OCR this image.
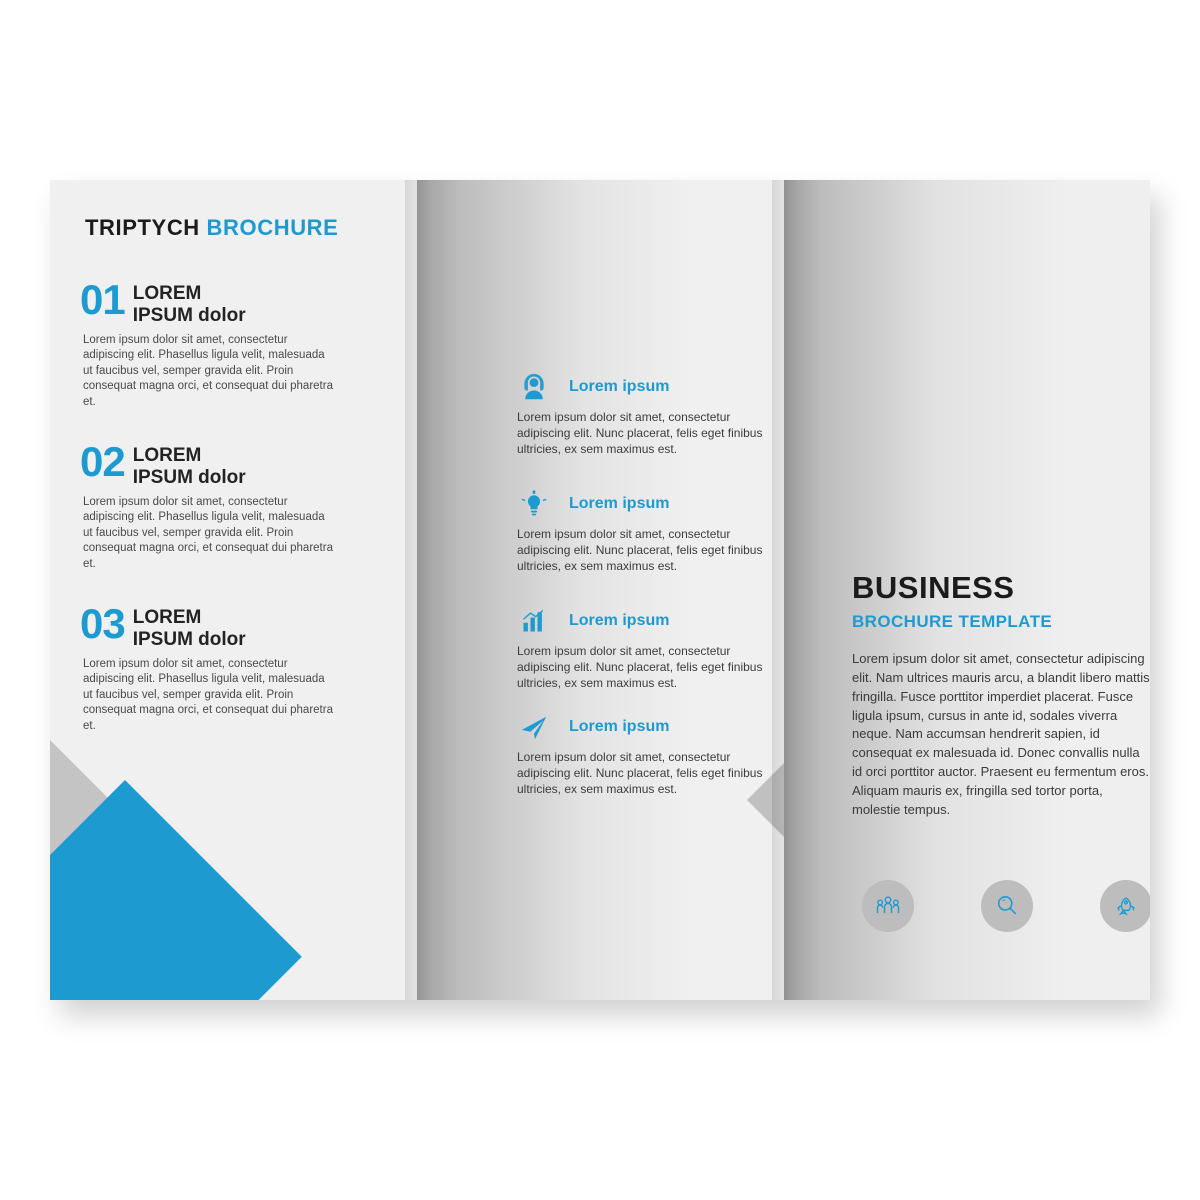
TRIPTYCH BROCHURE
01 LOREM
IPSUM dolor
Lorem ipsum dolor sit amet, consectetur adipiscing elit. Phasellus ligula velit, malesuada ut faucibus vel, semper gravida elit. Proin consequat magna orci, et consequat dui pharetra et.
02 LOREM
IPSUM dolor
Lorem ipsum dolor sit amet, consectetur adipiscing elit. Phasellus ligula velit, malesuada ut faucibus vel, semper gravida elit. Proin consequat magna orci, et consequat dui pharetra et.
03 LOREM
IPSUM dolor
Lorem ipsum dolor sit amet, consectetur adipiscing elit. Phasellus ligula velit, malesuada ut faucibus vel, semper gravida elit. Proin consequat magna orci, et consequat dui pharetra et.
Lorem ipsum
Lorem ipsum dolor sit amet, consectetur adipiscing elit. Nunc placerat, felis eget finibus ultricies, ex sem maximus est.
Lorem ipsum
Lorem ipsum dolor sit amet, consectetur adipiscing elit. Nunc placerat, felis eget finibus ultricies, ex sem maximus est.
Lorem ipsum
Lorem ipsum dolor sit amet, consectetur adipiscing elit. Nunc placerat, felis eget finibus ultricies, ex sem maximus est.
Lorem ipsum
Lorem ipsum dolor sit amet, consectetur adipiscing elit. Nunc placerat, felis eget finibus ultricies, ex sem maximus est.
BUSINESS
BROCHURE TEMPLATE
Lorem ipsum dolor sit amet, consectetur adipiscing elit. Nam ultrices mauris arcu, a blandit libero mattis fringilla. Fusce porttitor imperdiet placerat. Fusce ligula ipsum, cursus in ante id, sodales viverra neque. Nam accumsan hendrerit sapien, id consequat ex malesuada id. Donec convallis nulla id orci porttitor auctor. Praesent eu fermentum eros. Aliquam mauris ex, fringilla sed tortor porta, molestie tempus.
